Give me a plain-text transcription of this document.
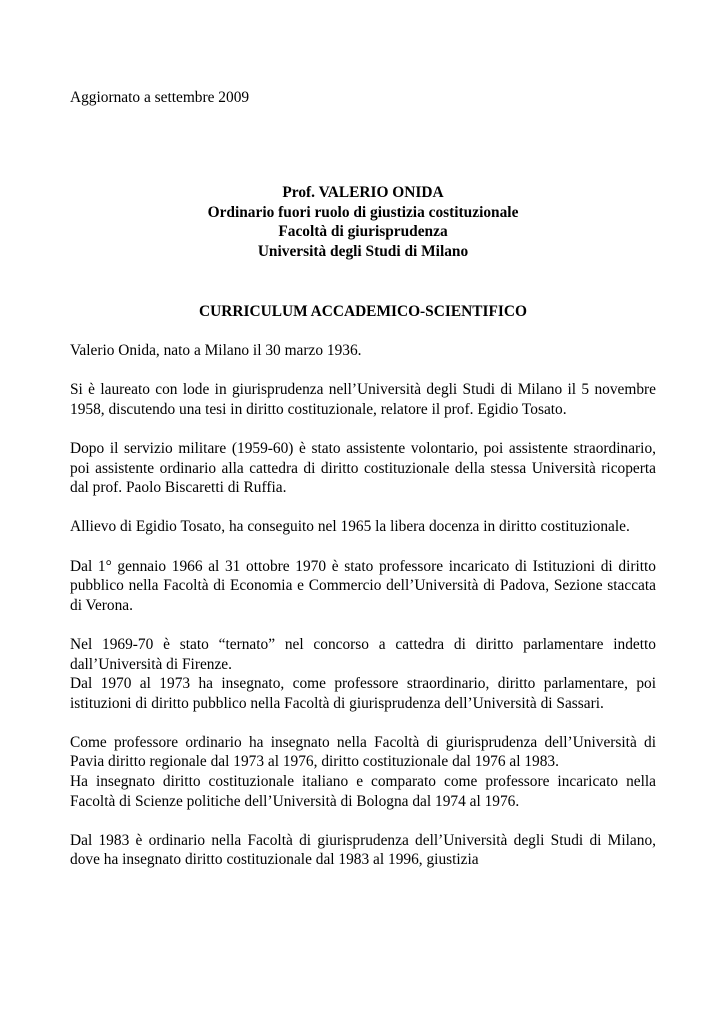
Aggiornato a settembre 2009

Prof. VALERIO ONIDA
Ordinario fuori ruolo di giustizia costituzionale
Facoltà di giurisprudenza
Università degli Studi di Milano

CURRICULUM ACCADEMICO-SCIENTIFICO

Valerio Onida, nato a Milano il 30 marzo 1936.

Si è laureato con lode in giurisprudenza nell’Università degli Studi di Milano il 5 novembre 1958, discutendo una tesi in diritto costituzionale, relatore il prof. Egidio Tosato.

Dopo il servizio militare (1959-60) è stato assistente volontario, poi assistente straordinario, poi assistente ordinario alla cattedra di diritto costituzionale della stessa Università ricoperta dal prof. Paolo Biscaretti di Ruffia.

Allievo di Egidio Tosato, ha conseguito nel 1965 la libera docenza in diritto costituzionale.

Dal 1° gennaio 1966 al 31 ottobre 1970 è stato professore incaricato di Istituzioni di diritto pubblico nella Facoltà di Economia e Commercio dell’Università di Padova, Sezione staccata di Verona.

Nel 1969-70 è stato “ternato” nel concorso a cattedra di diritto parlamentare indetto dall’Università di Firenze.

Dal 1970 al 1973 ha insegnato, come professore straordinario, diritto parlamentare, poi istituzioni di diritto pubblico nella Facoltà di giurisprudenza dell’Università di Sassari.

Come professore ordinario ha insegnato nella Facoltà di giurisprudenza dell’Università di Pavia diritto regionale dal 1973 al 1976, diritto costituzionale dal 1976 al 1983.

Ha insegnato diritto costituzionale italiano e comparato come professore incaricato nella Facoltà di Scienze politiche dell’Università di Bologna dal 1974 al 1976.

Dal 1983 è ordinario nella Facoltà di giurisprudenza dell’Università degli Studi di Milano, dove ha insegnato diritto costituzionale dal 1983 al 1996, giustizia
